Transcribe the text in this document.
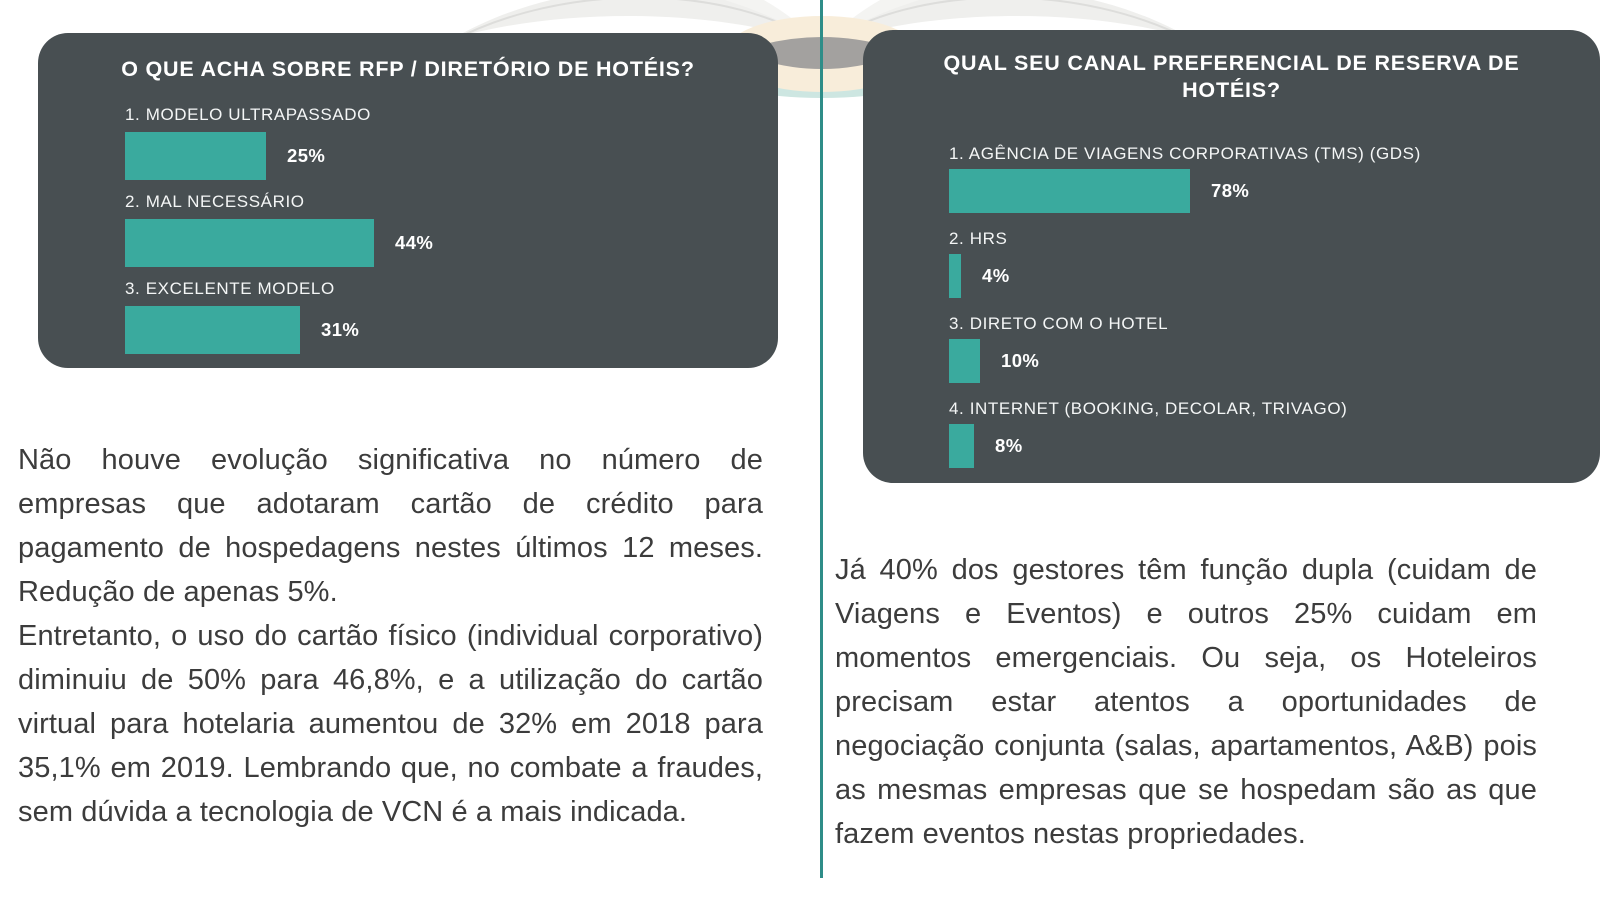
O QUE ACHA SOBRE RFP / DIRETÓRIO DE HOTÉIS?
1. MODELO ULTRAPASSADO
25%
2. MAL NECESSÁRIO
44%
3. EXCELENTE MODELO
31%
QUAL SEU CANAL PREFERENCIAL DE RESERVA DE HOTÉIS?
1. AGÊNCIA DE VIAGENS CORPORATIVAS (TMS) (GDS)
78%
2. HRS
4%
3. DIRETO COM O HOTEL
10%
4. INTERNET (BOOKING, DECOLAR, TRIVAGO)
8%

Não houve evolução significativa no número de empresas que adotaram cartão de crédito para pagamento de hospedagens nestes últimos 12 meses. Redução de apenas 5%.

Entretanto, o uso do cartão físico (individual corporativo) diminuiu de 50% para 46,8%, e a utilização do cartão virtual para hotelaria aumentou de 32% em 2018 para 35,1% em 2019. Lembrando que, no combate a fraudes, sem dúvida a tecnologia de VCN é a mais indicada.

Já 40% dos gestores têm função dupla (cuidam de Viagens e Eventos) e outros 25% cuidam em momentos emergenciais. Ou seja, os Hoteleiros precisam estar atentos a oportunidades de negociação conjunta (salas, apartamentos, A&B) pois as mesmas empresas que se hospedam são as que fazem eventos nestas propriedades.
